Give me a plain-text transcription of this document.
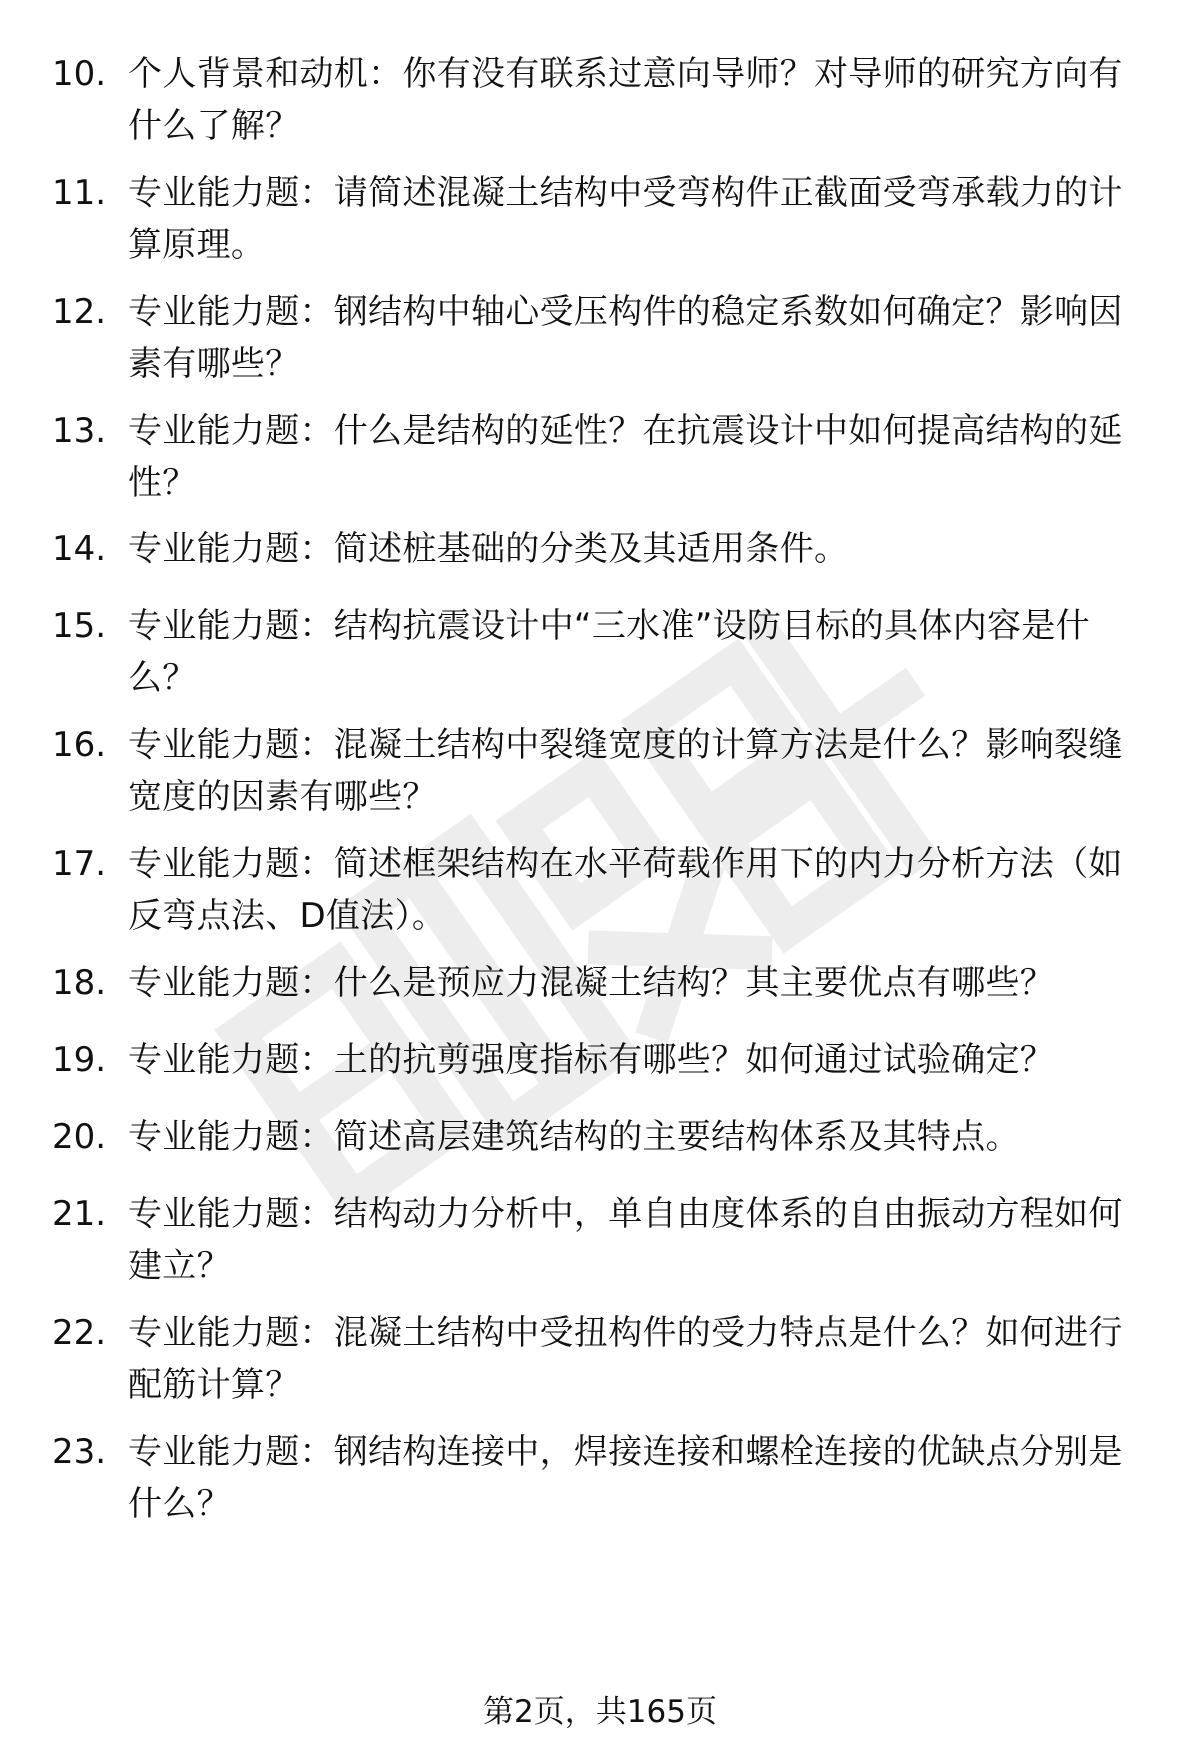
10. 个人背景和动机：你有没有联系过意向导师？对导师的研究方向有什么了解？
11. 专业能力题：请简述混凝土结构中受弯构件正截面受弯承载力的计算原理。
12. 专业能力题：钢结构中轴心受压构件的稳定系数如何确定？影响因素有哪些？
13. 专业能力题：什么是结构的延性？在抗震设计中如何提高结构的延性？
14. 专业能力题：简述桩基础的分类及其适用条件。
15. 专业能力题：结构抗震设计中“三水准”设防目标的具体内容是什么？
16. 专业能力题：混凝土结构中裂缝宽度的计算方法是什么？影响裂缝宽度的因素有哪些？
17. 专业能力题：简述框架结构在水平荷载作用下的内力分析方法（如反弯点法、D值法）。
18. 专业能力题：什么是预应力混凝土结构？其主要优点有哪些？
19. 专业能力题：土的抗剪强度指标有哪些？如何通过试验确定？
20. 专业能力题：简述高层建筑结构的主要结构体系及其特点。
21. 专业能力题：结构动力分析中，单自由度体系的自由振动方程如何建立？
22. 专业能力题：混凝土结构中受扭构件的受力特点是什么？如何进行配筋计算？
23. 专业能力题：钢结构连接中，焊接连接和螺栓连接的优缺点分别是什么？
第2页，共165页
